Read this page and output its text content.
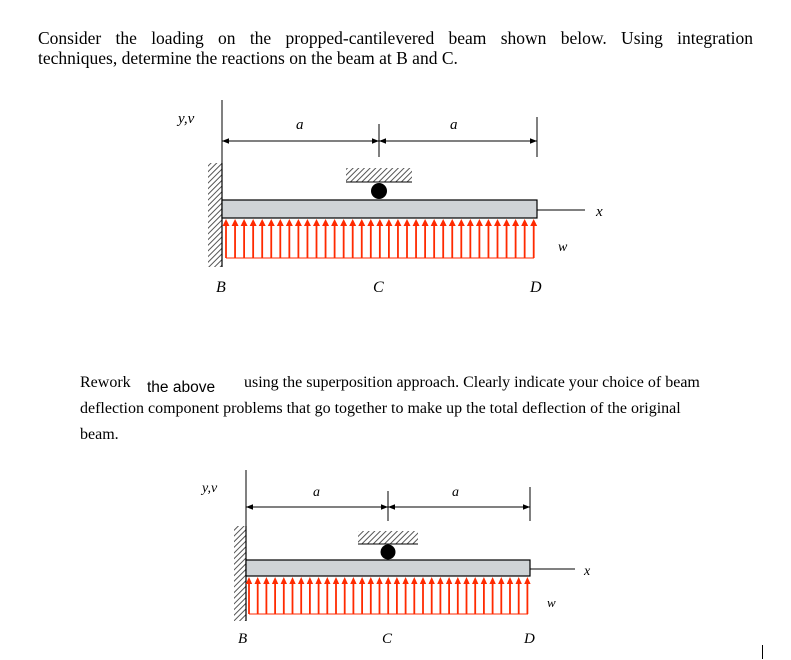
Consider the loading on the propped-cantilevered beam shown below. Using integration
techniques, determine the reactions on the beam at B and C.
Rework the above using the superposition approach. Clearly indicate your choice of beam
deflection component problems that go together to make up the total deflection of the original
beam.
y,v	a	a
x
w
B	C	D
y,v	a	a
x
w
B	C	D
